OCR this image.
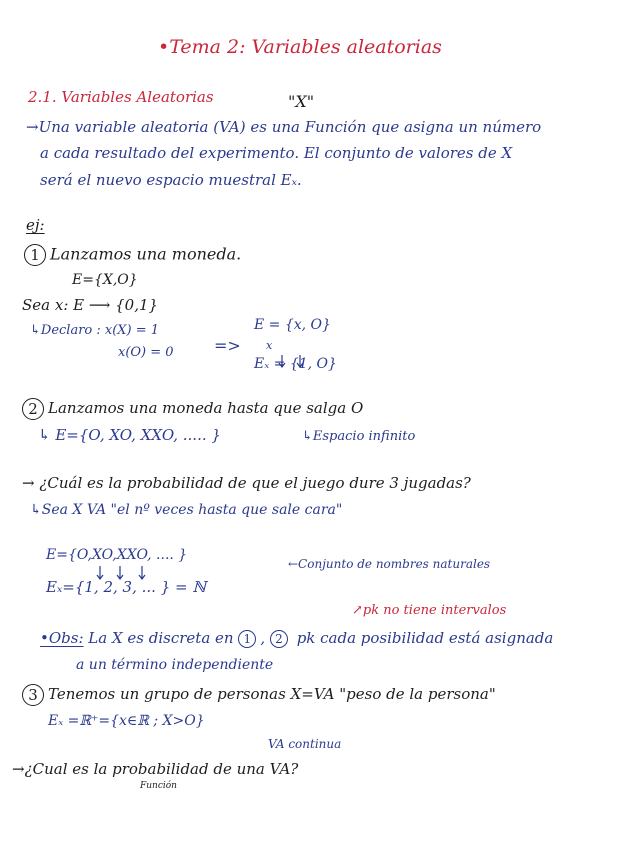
•Tema 2: Variables aleatorias
2.1. Variables Aleatorias	"X"
→Una variable aleatoria (VA) es una Función que asigna un número
a cada resultado del experimento. El conjunto de valores de X
será el nuevo espacio muestral Eₓ.
ej:
1 Lanzamos una moneda.
E={X,O}
Sea x: E ⟶ {0,1}
↳Declaro : x(X) = 1
x(O) = 0	=>
E = {x, O}
x
Eₓ = {1, O}
2 Lanzamos una moneda hasta que salga O
↳ E={O, XO, XXO, ..... }	↳Espacio infinito
→ ¿Cuál es la probabilidad de que el juego dure 3 jugadas?
↳Sea X VA "el nº veces hasta que sale cara"
E={O,XO,XXO, .... }
Eₓ={1, 2, 3, ... } = ℕ
←Conjunto de nombres naturales
↗pk no tiene intervalos
•Obs: La X es discreta en 1 , 2 pk cada posibilidad está asignada
a un término independiente
3 Tenemos un grupo de personas X=VA "peso de la persona"
Eₓ =ℝ⁺={x∈ℝ ; X>O}
VA continua
→¿Cual es la probabilidad de una VA?
Función
